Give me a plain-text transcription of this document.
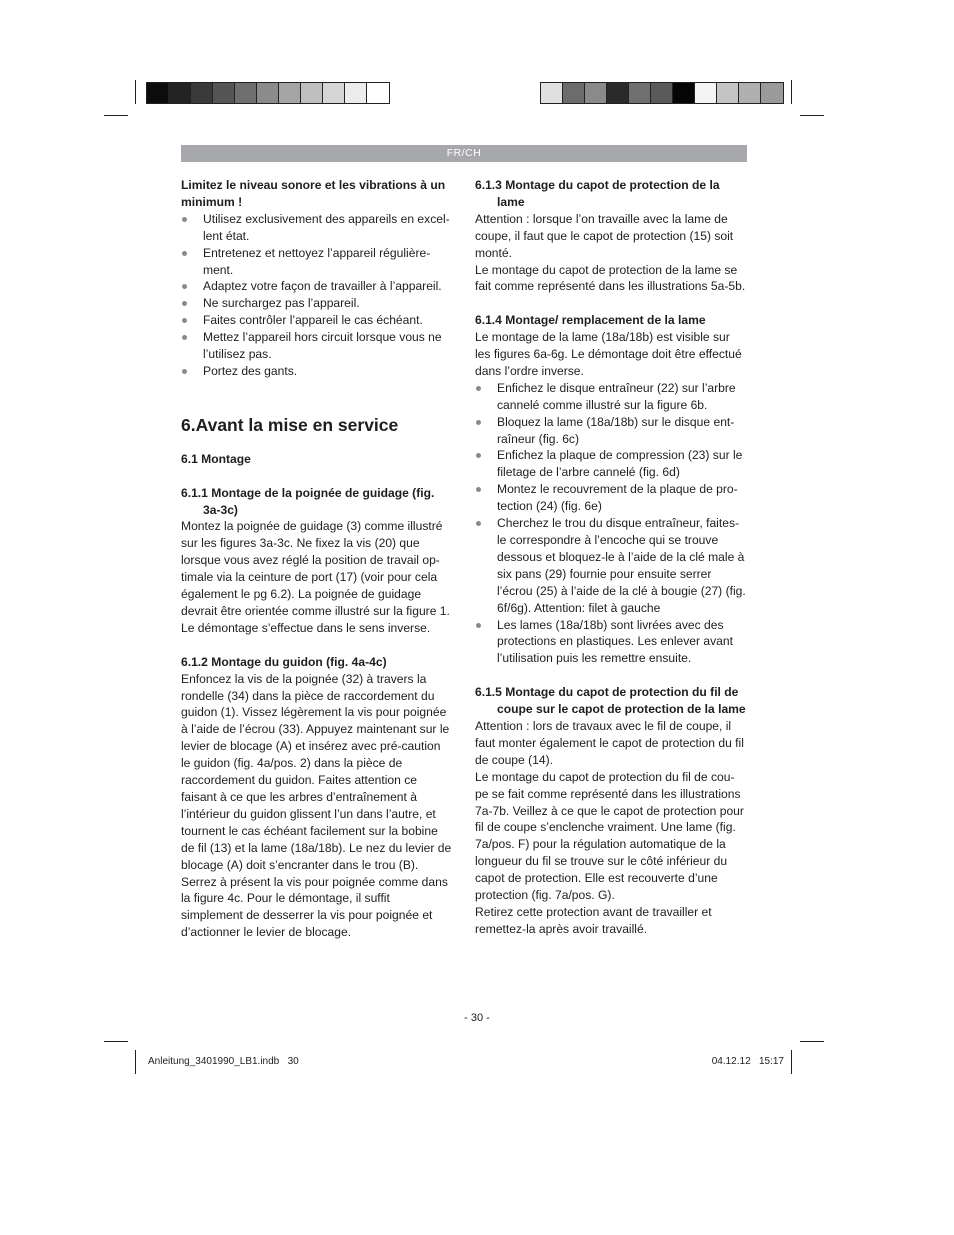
FR/CH

Limitez le niveau sonore et les vibrations à un minimum !

Utilisez exclusivement des appareils en excel-lent état.
Entretenez et nettoyez l’appareil régulière-ment.
Adaptez votre façon de travailler à l’appareil.
Ne surchargez pas l’appareil.
Faites contrôler l’appareil le cas échéant.
Mettez l’appareil hors circuit lorsque vous ne l’utilisez pas.
Portez des gants.
6.Avant la mise en service

6.1 Montage

6.1.1 Montage de la poignée de guidage (fig. 3a-3c)

Montez la poignée de guidage (3) comme illustré sur les figures 3a-3c. Ne fixez la vis (20) que lorsque vous avez réglé la position de travail op-timale via la ceinture de port (17) (voir pour cela également le pg 6.2). La poignée de guidage devrait être orientée comme illustré sur la figure 1. Le démontage s’effectue dans le sens inverse.

6.1.2 Montage du guidon (fig. 4a-4c)

Enfoncez la vis de la poignée (32) à travers la rondelle (34) dans la pièce de raccordement du guidon (1). Vissez légèrement la vis pour poignée à l’aide de l’écrou (33). Appuyez maintenant sur le levier de blocage (A) et insérez avec pré-caution le guidon (fig. 4a/pos. 2) dans la pièce de raccordement du guidon. Faites attention ce faisant à ce que les arbres d’entraînement à l’intérieur du guidon glissent l’un dans l’autre, et tournent le cas échéant facilement sur la bobine de fil (13) et la lame (18a/18b). Le nez du levier de blocage (A) doit s’encranter dans le trou (B). Serrez à présent la vis pour poignée comme dans la figure 4c. Pour le démontage, il suffit simplement de desserrer la vis pour poignée et d’actionner le levier de blocage.

6.1.3 Montage du capot de protection de la lame

Attention : lorsque l’on travaille avec la lame de coupe, il faut que le capot de protection (15) soit monté.

Le montage du capot de protection de la lame se fait comme représenté dans les illustrations 5a-5b.

6.1.4 Montage/ remplacement de la lame

Le montage de la lame (18a/18b) est visible sur les figures 6a-6g. Le démontage doit être effectué dans l’ordre inverse.

Enfichez le disque entraîneur (22) sur l’arbre cannelé comme illustré sur la figure 6b.
Bloquez la lame (18a/18b) sur le disque ent-raîneur (fig. 6c)
Enfichez la plaque de compression (23) sur le filetage de l’arbre cannelé (fig. 6d)
Montez le recouvrement de la plaque de pro-tection (24) (fig. 6e)
Cherchez le trou du disque entraîneur, faites-le correspondre à l’encoche qui se trouve dessous et bloquez-le à l’aide de la clé male à six pans (29) fournie pour ensuite serrer l’écrou (25) à l’aide de la clé à bougie (27) (fig. 6f/6g). Attention: filet à gauche
Les lames (18a/18b) sont livrées avec des protections en plastiques. Les enlever avant l’utilisation puis les remettre ensuite.

6.1.5 Montage du capot de protection du fil de coupe sur le capot de protection de la lame

Attention : lors de travaux avec le fil de coupe, il faut monter également le capot de protection du fil de coupe (14).

Le montage du capot de protection du fil de cou-pe se fait comme représenté dans les illustrations 7a-7b. Veillez à ce que le capot de protection pour fil de coupe s’enclenche vraiment. Une lame (fig. 7a/pos. F) pour la régulation automatique de la longueur du fil se trouve sur le côté inférieur du capot de protection. Elle est recouverte d’une protection (fig. 7a/pos. G).

Retirez cette protection avant de travailler et remettez-la après avoir travaillé.

- 30 -
Anleitung_3401990_LB1.indb   30	04.12.12   15:17
